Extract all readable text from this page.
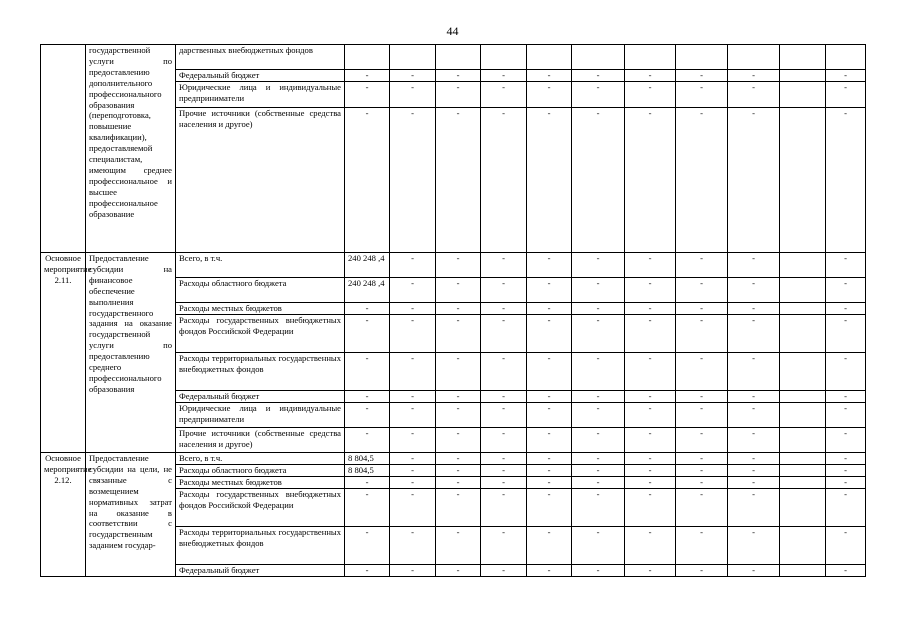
44
	государственной услуги по предоставлению дополнительного профессионального образования (переподготовка, повышение квалификации), предоставляемой специалистам, имеющим среднее профессиональное и высшее профессиональное образование	дарственных внебюджетных фондов											
		Федеральный бюджет	-	-	-	-	-	-	-	-	-		-
		Юридические лица и индивидуальные предприниматели	-	-	-	-	-	-	-	-	-		-
		Прочие источники (собственные средства населения и другое)	-	-	-	-	-	-	-	-	-		-
Основное мероприятие 2.11.	Предоставление субсидии на финансовое обеспечение выполнения государственного задания на оказание государственной услуги по предоставлению среднего профессионального образования	Всего, в т.ч.	240 248 ,4	-	-	-	-	-	-	-	-		-
		Расходы областного бюджета	240 248 ,4	-	-	-	-	-	-	-	-		-
		Расходы местных бюджетов	-	-	-	-	-	-	-	-	-		-
		Расходы государственных внебюджетных фондов Российской Федерации	-	-	-	-	-	-	-	-	-		-
		Расходы территориальных государственных внебюджетных фондов	-	-	-	-	-	-	-	-	-		-
		Федеральный бюджет	-	-	-	-	-	-	-	-	-		-
		Юридические лица и индивидуальные предприниматели	-	-	-	-	-	-	-	-	-		-
		Прочие источники (собственные средства населения и другое)	-	-	-	-	-	-	-	-	-		-
Основное мероприятие 2.12.	Предоставление субсидии на цели, не связанные с возмещением нормативных затрат на оказание в соответствии с государственным заданием государ-	Всего, в т.ч.	8 804,5	-	-	-	-	-	-	-	-		-
		Расходы областного бюджета	8 804,5	-	-	-	-	-	-	-	-		-
		Расходы местных бюджетов	-	-	-	-	-	-	-	-	-		-
		Расходы государственных внебюджетных фондов Российской Федерации	-	-	-	-	-	-	-	-	-		-
		Расходы территориальных государственных внебюджетных фондов	-	-	-	-	-	-	-	-	-		-
		Федеральный бюджет	-	-	-	-	-	-	-	-	-		-
